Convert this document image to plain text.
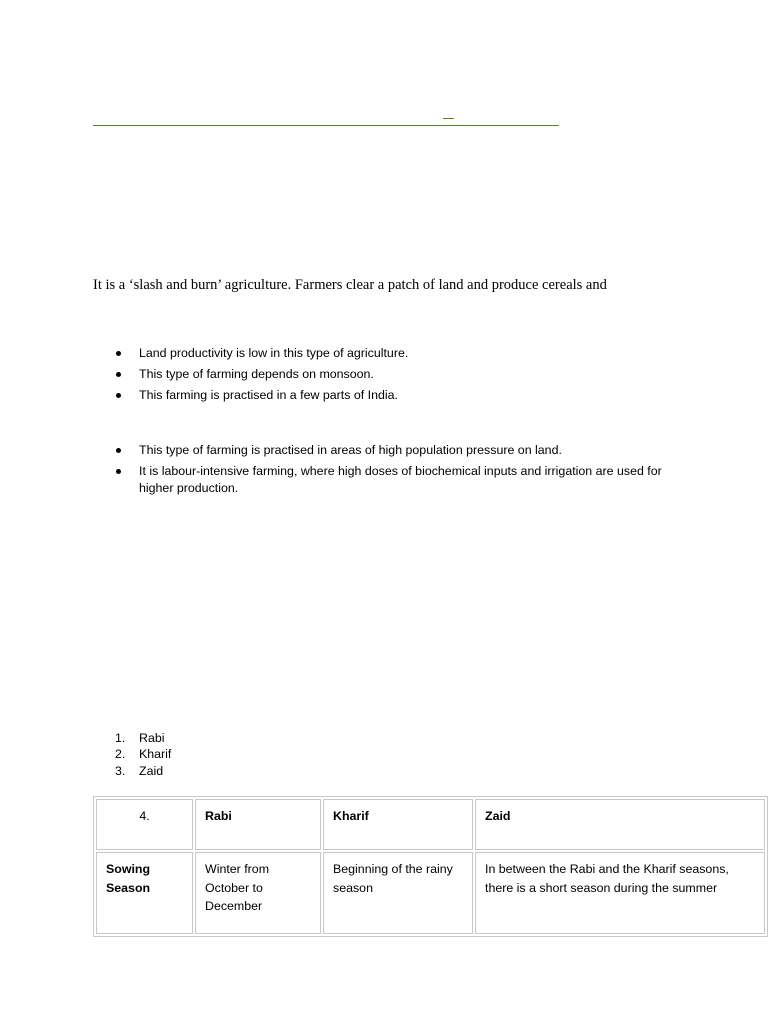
It is a ‘slash and burn’ agriculture. Farmers clear a patch of land and produce cereals and

Land productivity is low in this type of agriculture.
This type of farming depends on monsoon.
This farming is practised in a few parts of India.
This type of farming is practised in areas of high population pressure on land.
It is labour-intensive farming, where high doses of biochemical inputs and irrigation are used for higher production.
1. Rabi
2. Kharif
3. Zaid
4.	Rabi	Kharif	Zaid
Sowing Season	Winter from October to December	Beginning of the rainy season	In between the Rabi and the Kharif seasons, there is a short season during the summer
